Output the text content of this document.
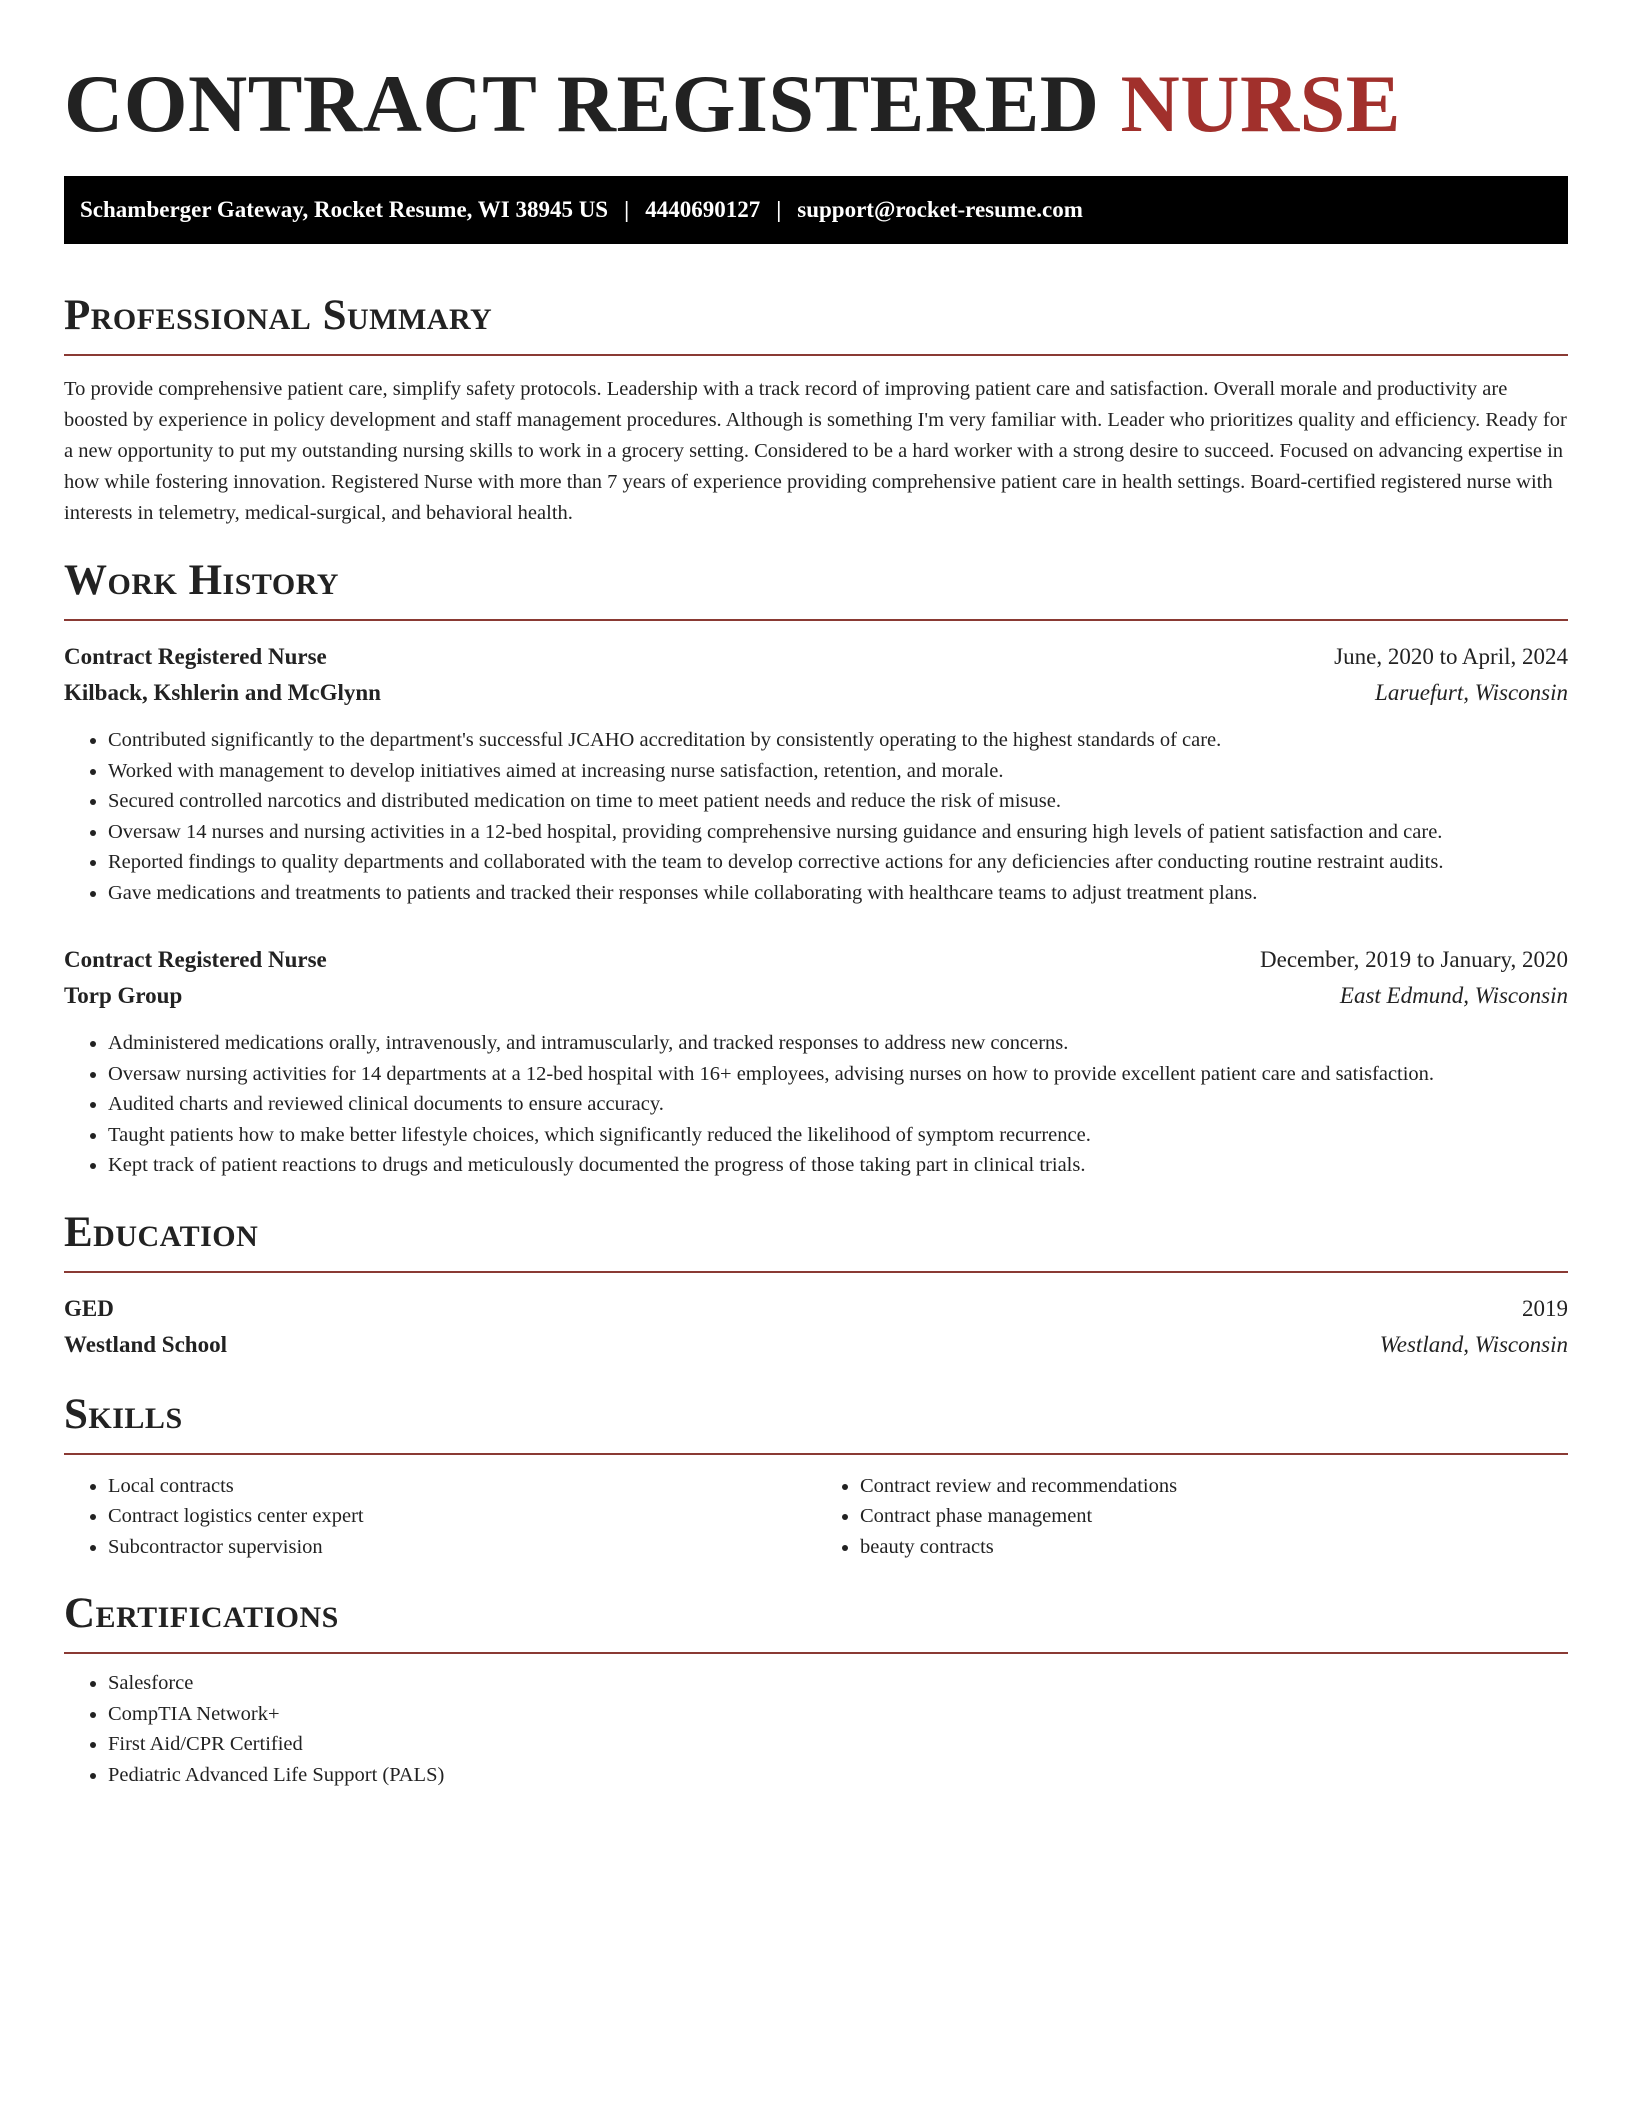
CONTRACT REGISTERED NURSE
Schamberger Gateway, Rocket Resume, WI 38945 US | 4440690127 | support@rocket-resume.com
Professional Summary

To provide comprehensive patient care, simplify safety protocols. Leadership with a track record of improving patient care and satisfaction. Overall morale and productivity are boosted by experience in policy development and staff management procedures. Although is something I'm very familiar with. Leader who prioritizes quality and efficiency. Ready for a new opportunity to put my outstanding nursing skills to work in a grocery setting. Considered to be a hard worker with a strong desire to succeed. Focused on advancing expertise in how while fostering innovation. Registered Nurse with more than 7 years of experience providing comprehensive patient care in health settings. Board-certified registered nurse with interests in telemetry, medical-surgical, and behavioral health.

Work History
Contract Registered Nurse	June, 2020 to April, 2024
Kilback, Kshlerin and McGlynn	Laruefurt, Wisconsin
• Contributed significantly to the department's successful JCAHO accreditation by consistently operating to the highest standards of care.
• Worked with management to develop initiatives aimed at increasing nurse satisfaction, retention, and morale.
• Secured controlled narcotics and distributed medication on time to meet patient needs and reduce the risk of misuse.
• Oversaw 14 nurses and nursing activities in a 12-bed hospital, providing comprehensive nursing guidance and ensuring high levels of patient satisfaction and care.
• Reported findings to quality departments and collaborated with the team to develop corrective actions for any deficiencies after conducting routine restraint audits.
• Gave medications and treatments to patients and tracked their responses while collaborating with healthcare teams to adjust treatment plans.
Contract Registered Nurse	December, 2019 to January, 2020
Torp Group	East Edmund, Wisconsin
• Administered medications orally, intravenously, and intramuscularly, and tracked responses to address new concerns.
• Oversaw nursing activities for 14 departments at a 12-bed hospital with 16+ employees, advising nurses on how to provide excellent patient care and satisfaction.
• Audited charts and reviewed clinical documents to ensure accuracy.
• Taught patients how to make better lifestyle choices, which significantly reduced the likelihood of symptom recurrence.
• Kept track of patient reactions to drugs and meticulously documented the progress of those taking part in clinical trials.
Education
GED	2019
Westland School	Westland, Wisconsin
Skills
• Local contracts
• Contract logistics center expert
• Subcontractor supervision
• Contract review and recommendations
• Contract phase management
• beauty contracts
Certifications
• Salesforce
• CompTIA Network+
• First Aid/CPR Certified
• Pediatric Advanced Life Support (PALS)
